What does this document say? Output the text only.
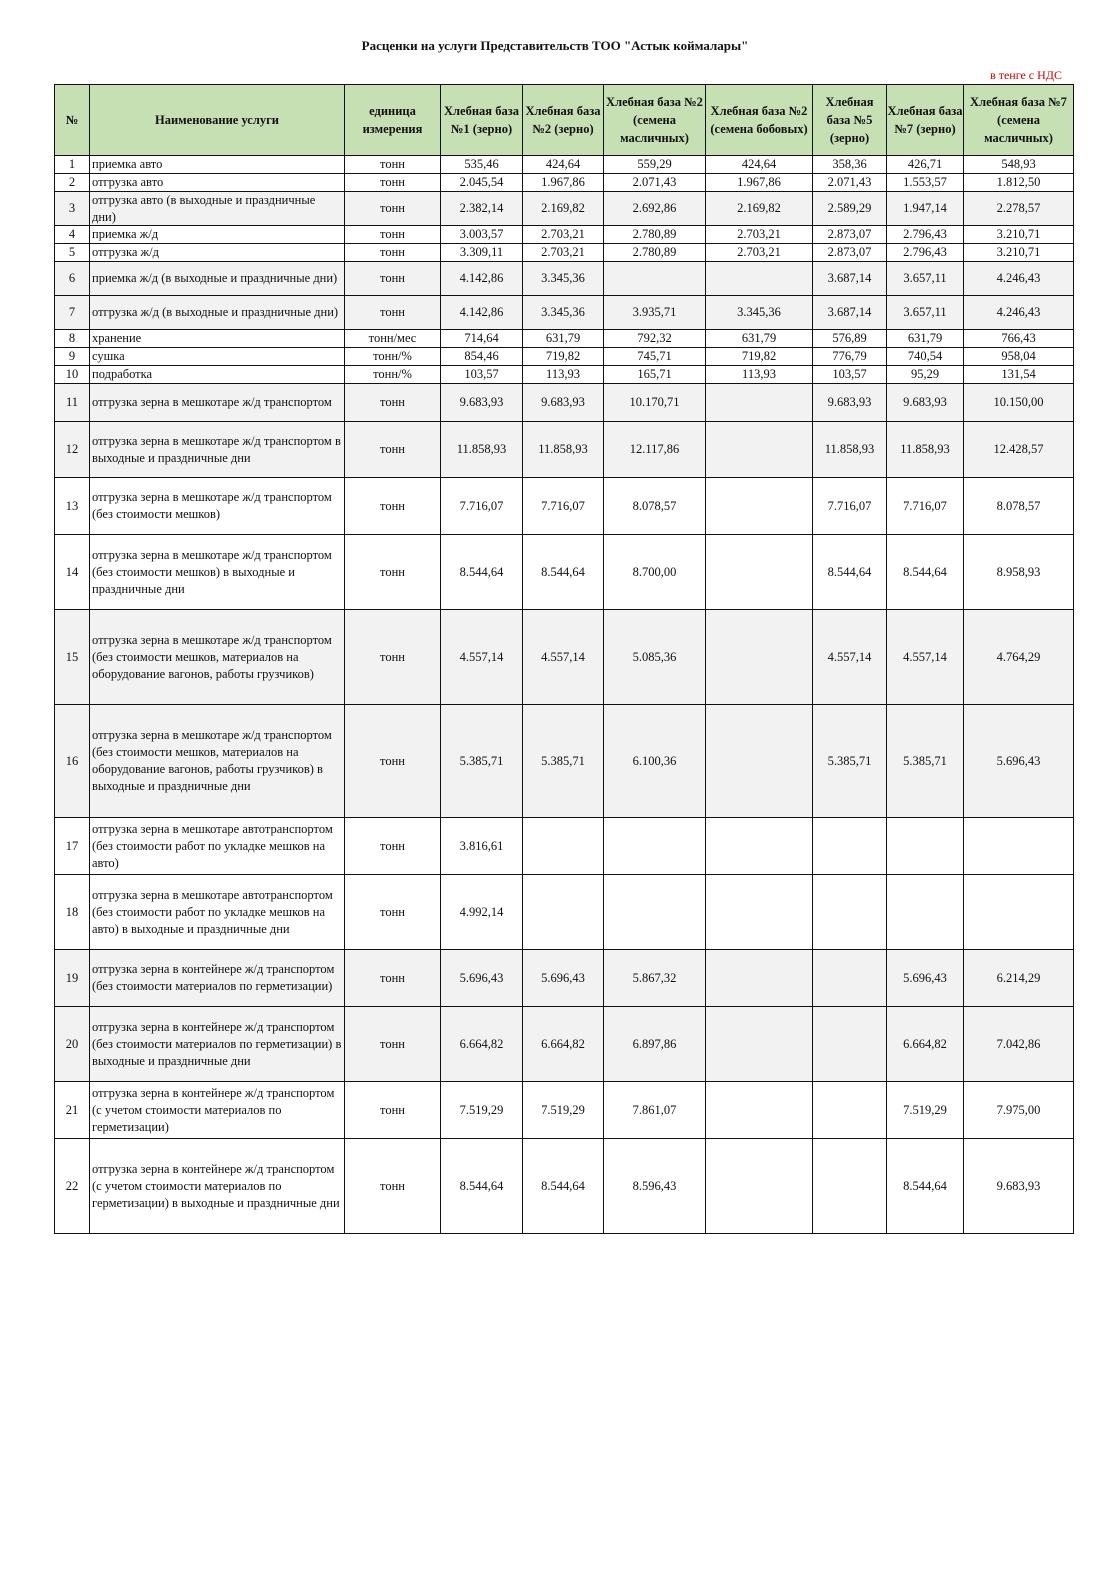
Расценки на услуги Представительств ТОО "Астык коймалары"
в тенге с НДС
№	Наименование услуги	единица измерения	Хлебная база №1 (зерно)	Хлебная база №2 (зерно)	Хлебная база №2 (семена масличных)	Хлебная база №2 (семена бобовых)	Хлебная база №5 (зерно)	Хлебная база №7 (зерно)	Хлебная база №7 (семена масличных)

1	приемка авто	тонн	535,46	424,64	559,29	424,64	358,36	426,71	548,93
2	отгрузка авто	тонн	2.045,54	1.967,86	2.071,43	1.967,86	2.071,43	1.553,57	1.812,50
3	отгрузка авто (в выходные и праздничные дни)	тонн	2.382,14	2.169,82	2.692,86	2.169,82	2.589,29	1.947,14	2.278,57
4	приемка ж/д	тонн	3.003,57	2.703,21	2.780,89	2.703,21	2.873,07	2.796,43	3.210,71
5	отгрузка ж/д	тонн	3.309,11	2.703,21	2.780,89	2.703,21	2.873,07	2.796,43	3.210,71
6	приемка ж/д (в выходные и праздничные дни)	тонн	4.142,86	3.345,36			3.687,14	3.657,11	4.246,43
7	отгрузка ж/д (в выходные и праздничные дни)	тонн	4.142,86	3.345,36	3.935,71	3.345,36	3.687,14	3.657,11	4.246,43
8	хранение	тонн/мес	714,64	631,79	792,32	631,79	576,89	631,79	766,43
9	сушка	тонн/%	854,46	719,82	745,71	719,82	776,79	740,54	958,04
10	подработка	тонн/%	103,57	113,93	165,71	113,93	103,57	95,29	131,54
11	отгрузка зерна в мешкотаре ж/д транспортом	тонн	9.683,93	9.683,93	10.170,71		9.683,93	9.683,93	10.150,00
12	отгрузка зерна в мешкотаре ж/д транспортом в выходные и праздничные дни	тонн	11.858,93	11.858,93	12.117,86		11.858,93	11.858,93	12.428,57
13	отгрузка зерна в мешкотаре ж/д транспортом (без стоимости мешков)	тонн	7.716,07	7.716,07	8.078,57		7.716,07	7.716,07	8.078,57
14	отгрузка зерна в мешкотаре ж/д транспортом (без стоимости мешков) в выходные и праздничные дни	тонн	8.544,64	8.544,64	8.700,00		8.544,64	8.544,64	8.958,93
15	отгрузка зерна в мешкотаре ж/д транспортом (без стоимости мешков, материалов на оборудование вагонов, работы грузчиков)	тонн	4.557,14	4.557,14	5.085,36		4.557,14	4.557,14	4.764,29
16	отгрузка зерна в мешкотаре ж/д транспортом (без стоимости мешков, материалов на оборудование вагонов, работы грузчиков) в выходные и праздничные дни	тонн	5.385,71	5.385,71	6.100,36		5.385,71	5.385,71	5.696,43
17	отгрузка зерна в мешкотаре автотранспортом (без стоимости работ по укладке мешков на авто)	тонн	3.816,61						
18	отгрузка зерна в мешкотаре автотранспортом (без стоимости работ по укладке мешков на авто) в выходные и праздничные дни	тонн	4.992,14						
19	отгрузка зерна в контейнере ж/д транспортом (без стоимости материалов по герметизации)	тонн	5.696,43	5.696,43	5.867,32			5.696,43	6.214,29
20	отгрузка зерна в контейнере ж/д транспортом (без стоимости материалов по герметизации) в выходные и праздничные дни	тонн	6.664,82	6.664,82	6.897,86			6.664,82	7.042,86
21	отгрузка зерна в контейнере ж/д транспортом (с учетом стоимости материалов по герметизации)	тонн	7.519,29	7.519,29	7.861,07			7.519,29	7.975,00
22	отгрузка зерна в контейнере ж/д транспортом (с учетом стоимости материалов по герметизации) в выходные и праздничные дни	тонн	8.544,64	8.544,64	8.596,43			8.544,64	9.683,93
